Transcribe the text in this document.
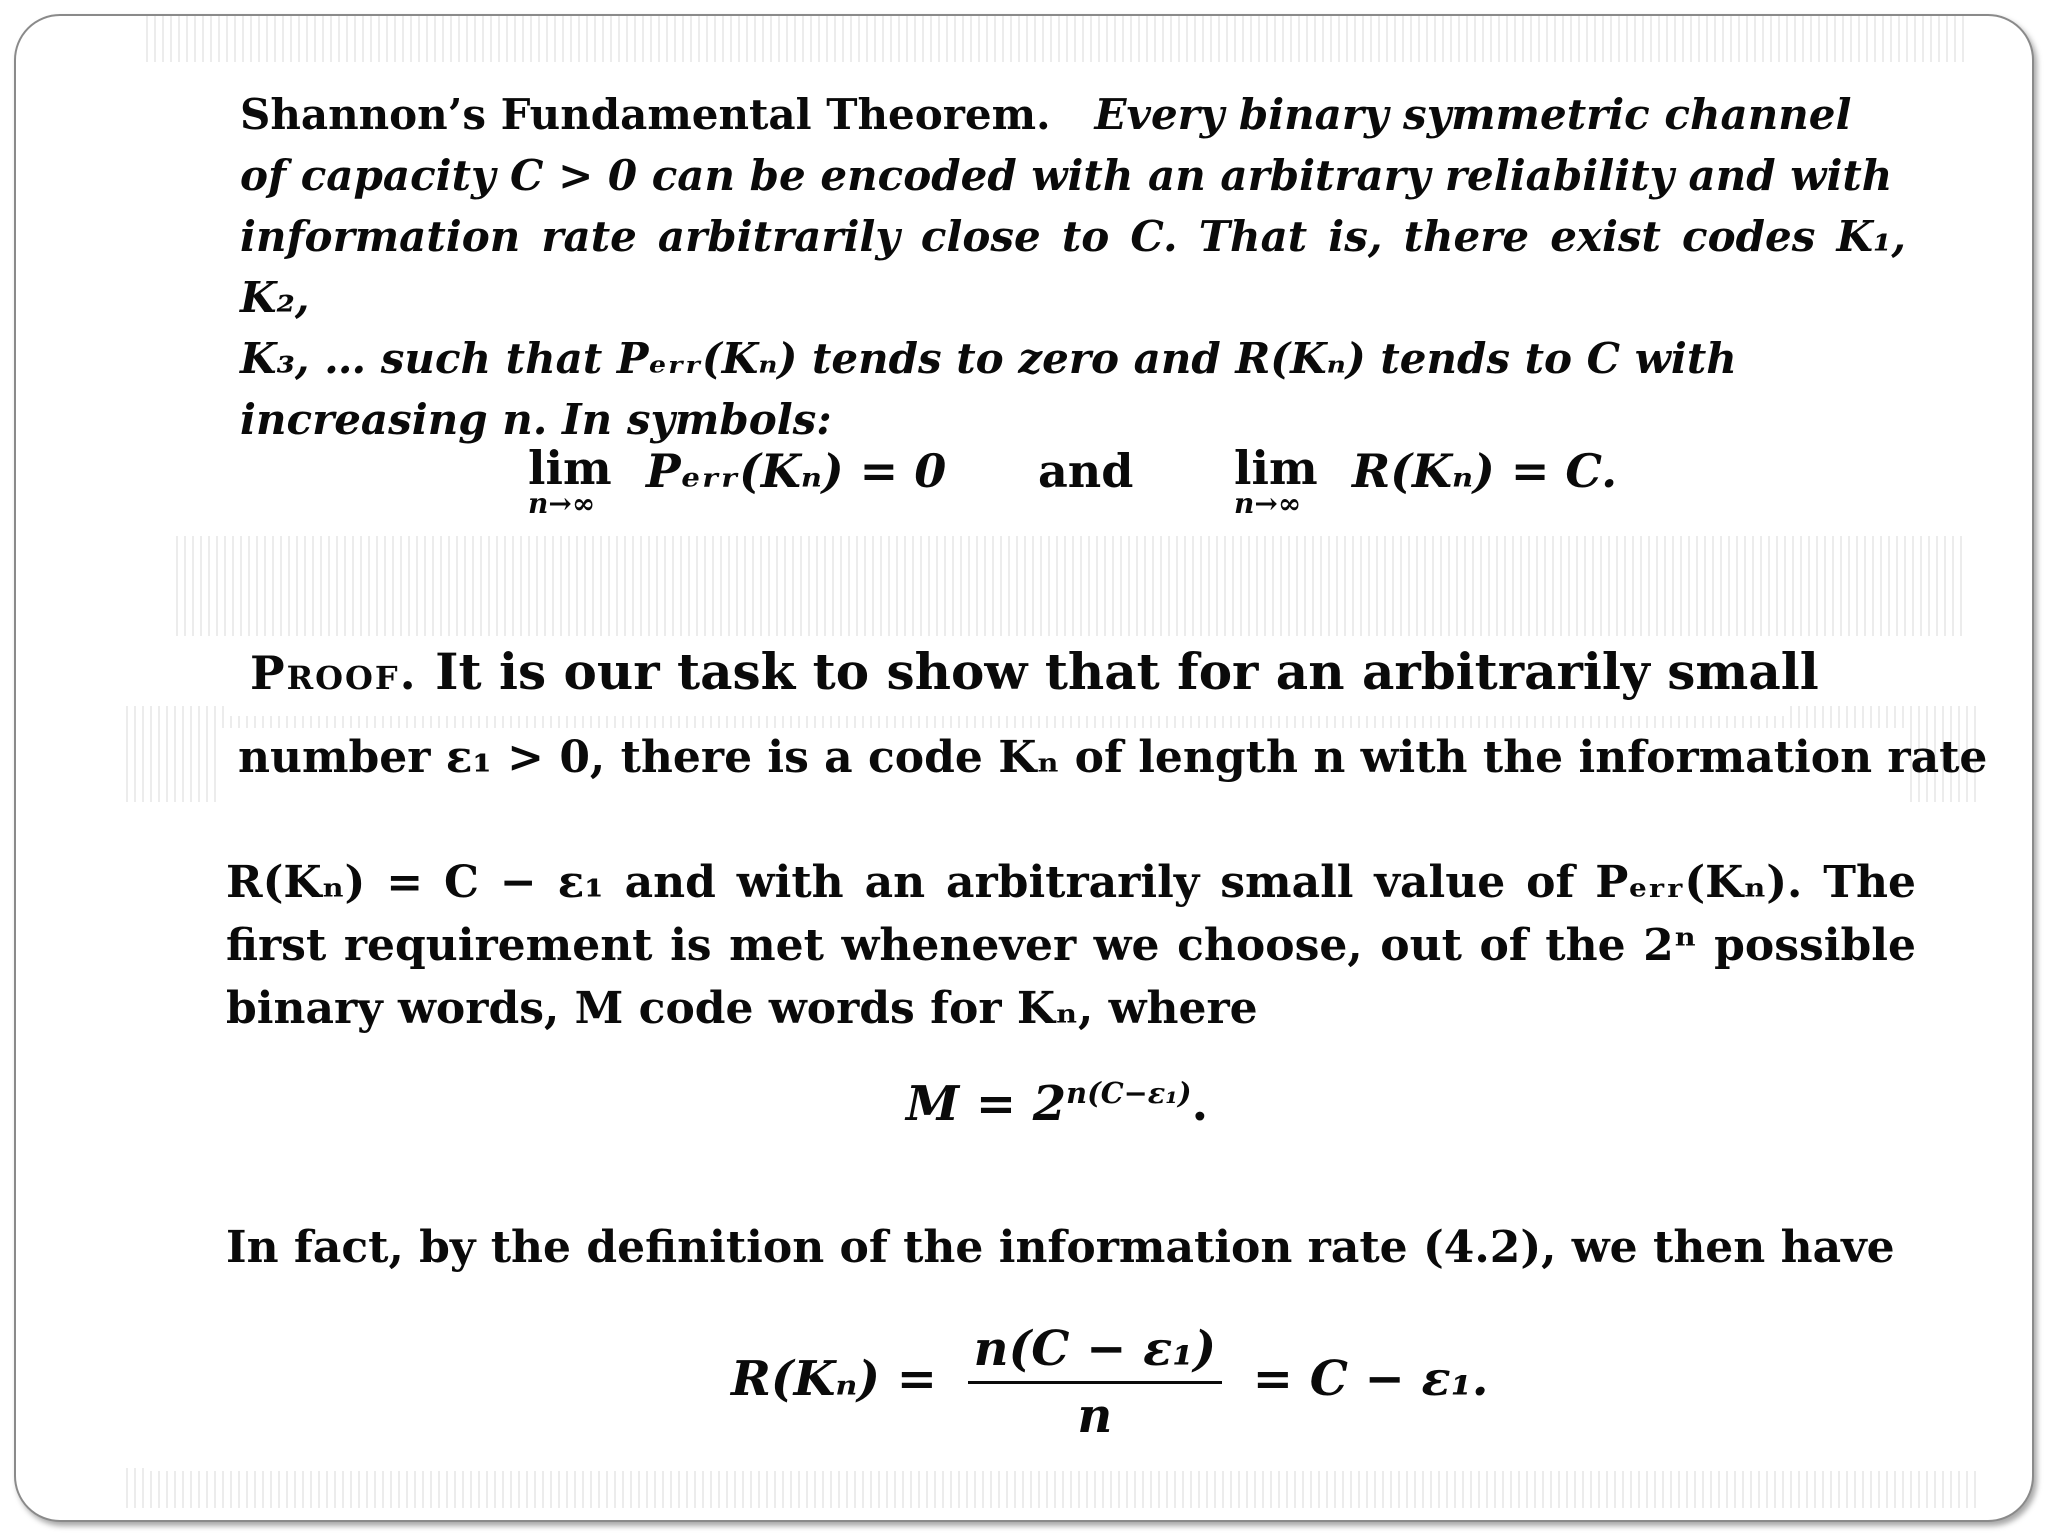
Shannon’s Fundamental Theorem. Every binary symmetric channel
of capacity C > 0 can be encoded with an arbitrary reliability and with
information rate arbitrarily close to C. That is, there exist codes K₁, K₂,
K₃, … such that Pₑᵣᵣ(Kₙ) tends to zero and R(Kₙ) tends to C with
increasing n. In symbols:
lim
n→∞
Pₑᵣᵣ(Kₙ) = 0 and lim
n→∞
R(Kₙ) = C.
Proof. It is our task to show that for an arbitrarily small
number ε₁ > 0, there is a code Kₙ of length n with the information rate
R(Kₙ) = C − ε₁ and with an arbitrarily small value of Pₑᵣᵣ(Kₙ). The first requirement is met whenever we choose, out of the 2ⁿ possible binary words, M code words for Kₙ, where
$M = 2^{n(C-\varepsilon_1)}$.
In fact, by the definition of the information rate (4.2), we then have
$R(K_n) = \frac{\text{n(C − ε₁)}}{n} = C - \varepsilon_1$.
